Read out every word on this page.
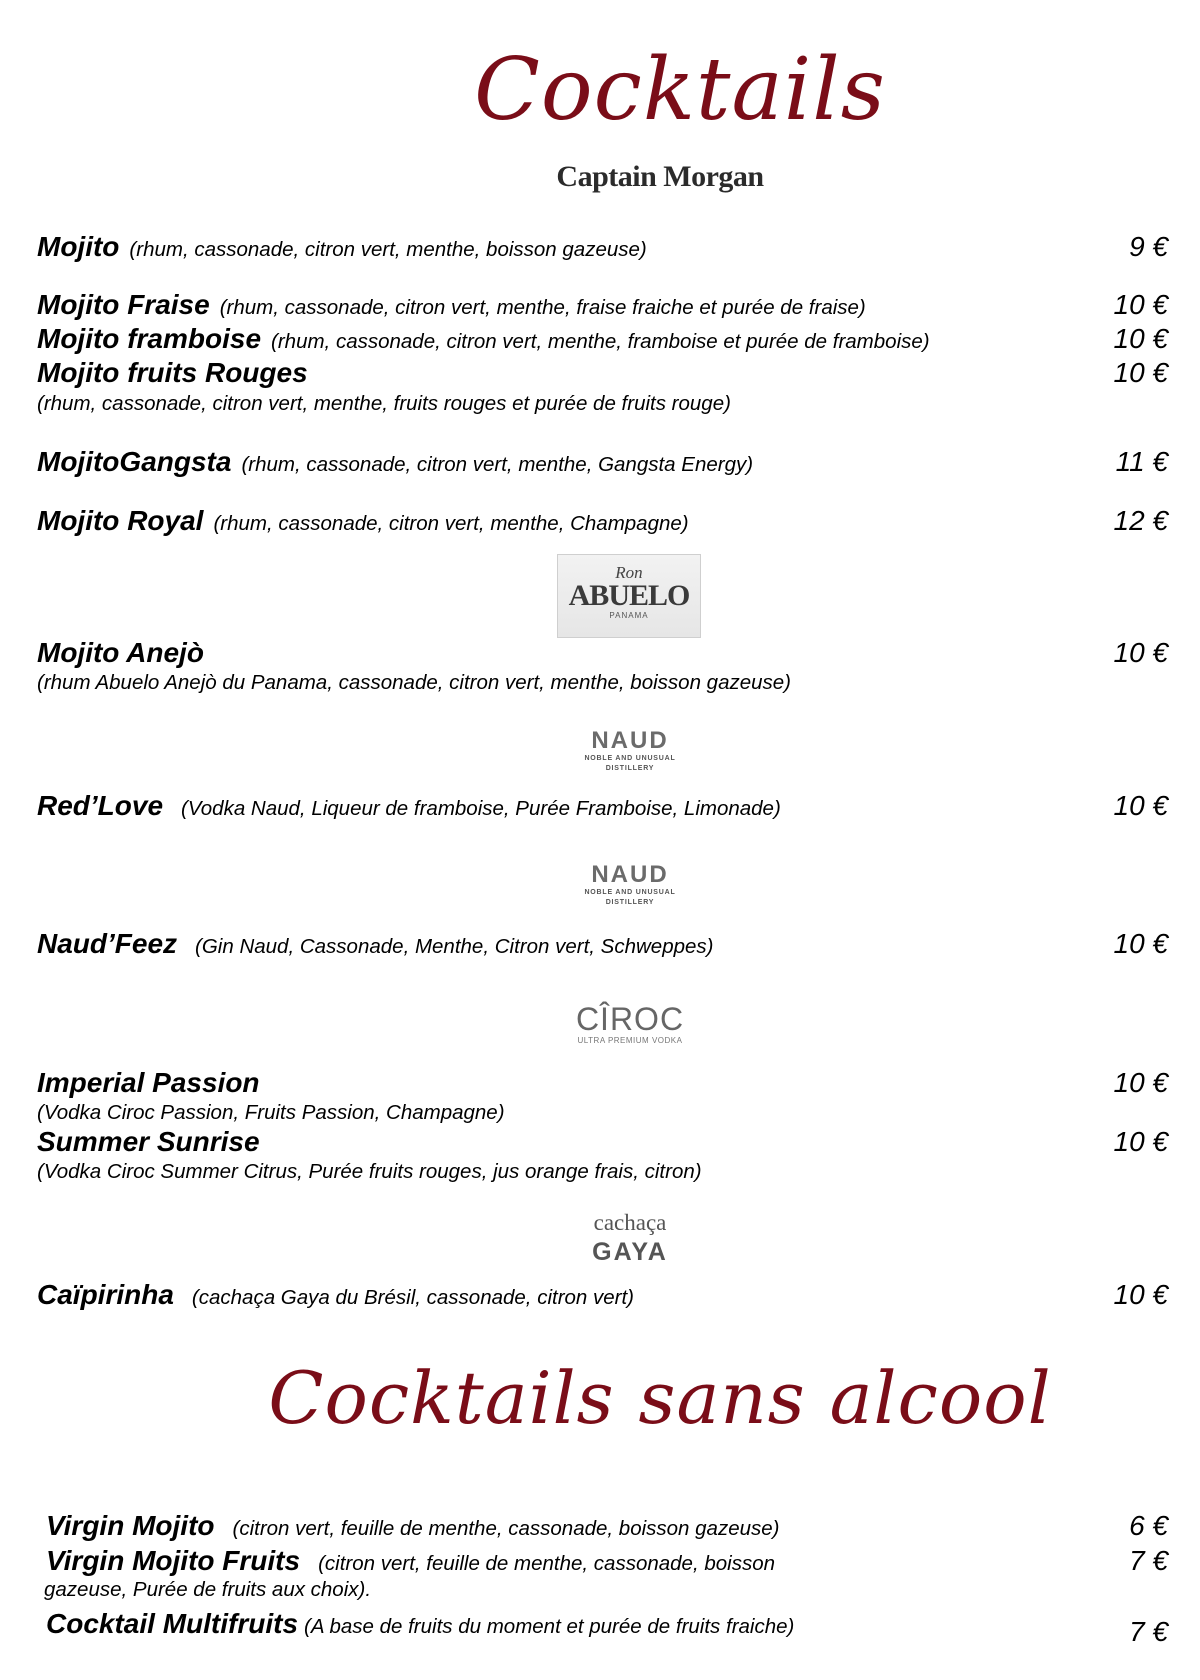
Cocktails
Captain Morgan
Mojito (rhum, cassonade, citron vert, menthe, boisson gazeuse)	9 €
Mojito Fraise (rhum, cassonade, citron vert, menthe, fraise fraiche et purée de fraise)	10 €
Mojito framboise (rhum, cassonade, citron vert, menthe, framboise et purée de framboise)	10 €
Mojito fruits Rouges	10 €
(rhum, cassonade, citron vert, menthe, fruits rouges et purée de fruits rouge)
MojitoGangsta (rhum, cassonade, citron vert, menthe, Gangsta Energy)	11 €
Mojito Royal (rhum, cassonade, citron vert, menthe, Champagne)	12 €
Ron
ABUELO
PANAMA
Mojito Anejò	10 €
(rhum Abuelo Anejò du Panama, cassonade, citron vert, menthe, boisson gazeuse)
NAUD
NOBLE AND UNUSUAL
DISTILLERY
Red’Love (Vodka Naud, Liqueur de framboise, Purée Framboise, Limonade)	10 €
NAUD
NOBLE AND UNUSUAL
DISTILLERY
Naud’Feez (Gin Naud, Cassonade, Menthe, Citron vert, Schweppes)	10 €
CÎROC
ULTRA PREMIUM VODKA
Imperial Passion	10 €
(Vodka Ciroc Passion, Fruits Passion, Champagne)
Summer Sunrise	10 €
(Vodka Ciroc Summer Citrus, Purée fruits rouges, jus orange frais, citron)
cachaça
GAYA
Caïpirinha (cachaça Gaya du Brésil, cassonade, citron vert)	10 €
Cocktails sans alcool
Virgin Mojito (citron vert, feuille de menthe, cassonade, boisson gazeuse)	6 €
Virgin Mojito Fruits (citron vert, feuille de menthe, cassonade, boisson	7 €
gazeuse, Purée de fruits aux choix).
Cocktail Multifruits (A base de fruits du moment et purée de fruits fraiche)	7 €
